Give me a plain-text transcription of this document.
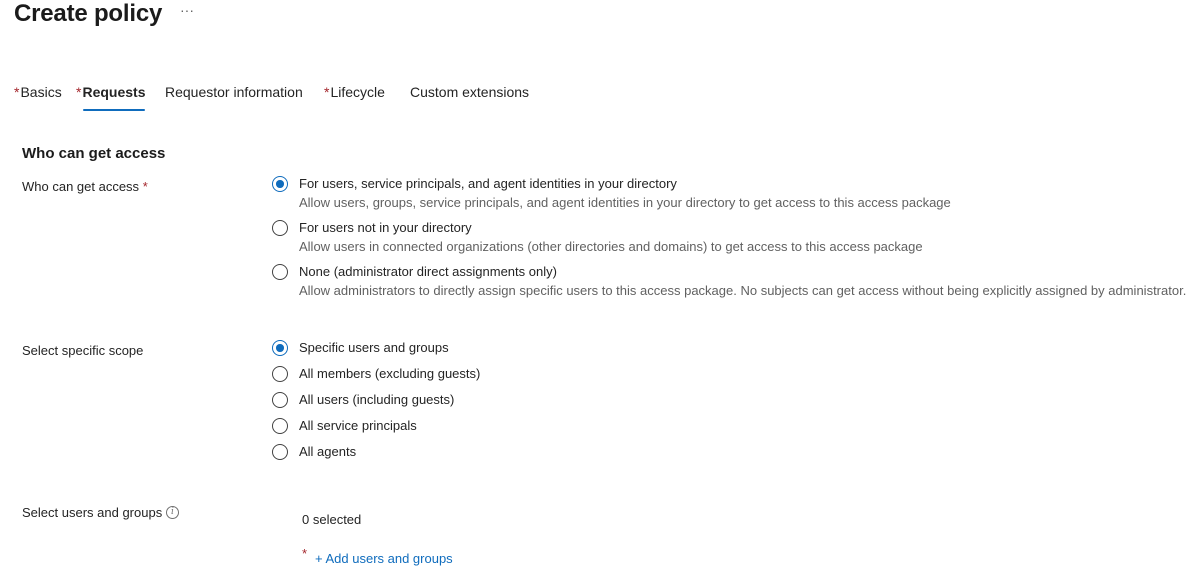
Create policy ···
*Basics *Requests Requestor information *Lifecycle Custom extensions
Who can get access
Who can get access *	For users, service principals, and agent identities in your directory
Allow users, groups, service principals, and agent identities in your directory to get access to this access package
For users not in your directory
Allow users in connected organizations (other directories and domains) to get access to this access package
None (administrator direct assignments only)
Allow administrators to directly assign specific users to this access package. No subjects can get access without being explicitly assigned by administrator.
Select specific scope	Specific users and groups
All members (excluding guests)
All users (including guests)
All service principals
All agents
Select users and groups i	0 selected
* + Add users and groups
